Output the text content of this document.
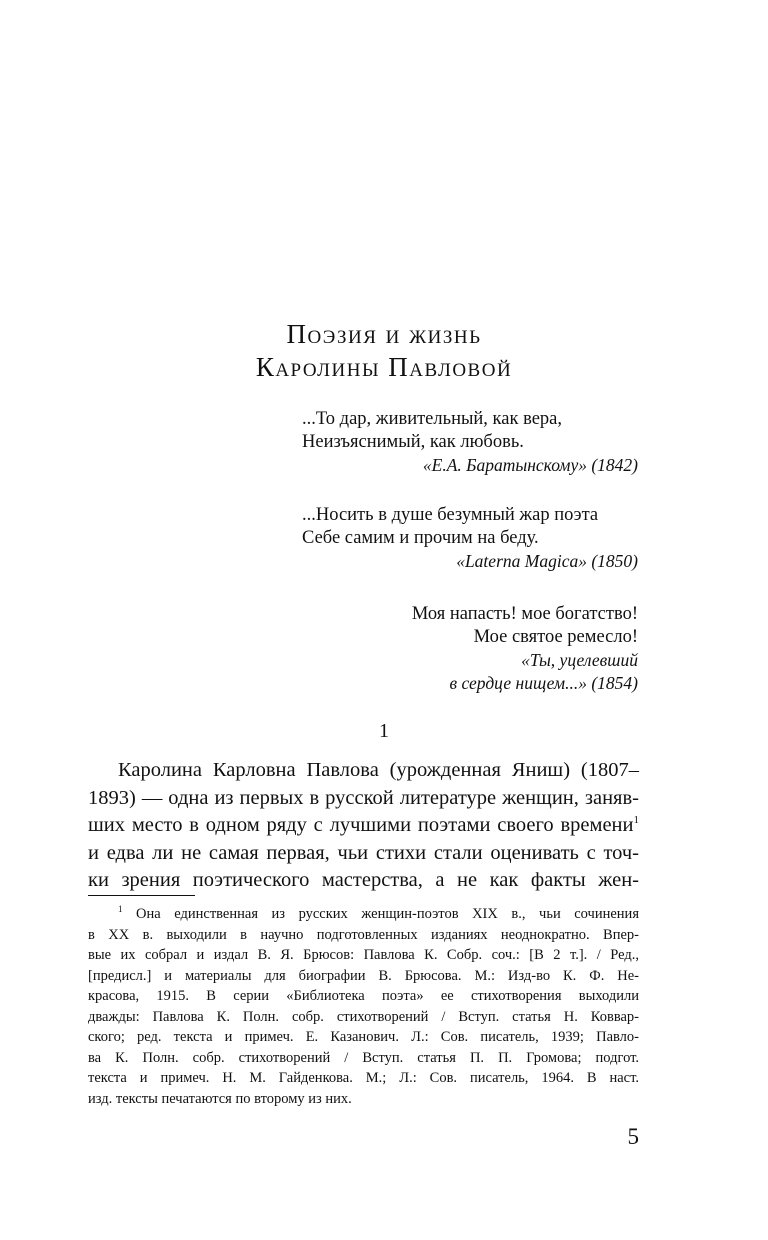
Поэзия и жизнь
Каролины Павловой
...То дар, живительный, как вера,
Неизъяснимый, как любовь.
«Е.А. Баратынскому» (1842)
...Носить в душе безумный жар поэта
Себе самим и прочим на беду.
«Laterna Magica» (1850)
Моя напасть! мое богатство!
Мое святое ремесло!
«Ты, уцелевший
в сердце нищем...» (1854)
1
Каролина Карловна Павлова (урожденная Яниш) (1807–
1893) — одна из первых в русской литературе женщин, заняв-
ших место в одном ряду с лучшими поэтами своего времени$^1$
и едва ли не самая первая, чьи стихи стали оценивать с точ-
ки зрения поэтического мастерства, а не как факты жен-
$^1$ Она единственная из русских женщин-поэтов XIX в., чьи сочинения
в XX в. выходили в научно подготовленных изданиях неоднократно. Впер-
вые их собрал и издал В. Я. Брюсов: Павлова К. Собр. соч.: [В 2 т.]. / Ред.,
[предисл.] и материалы для биографии В. Брюсова. М.: Изд-во К. Ф. Не-
красова, 1915. В серии «Библиотека поэта» ее стихотворения выходили
дважды: Павлова К. Полн. собр. стихотворений / Вступ. статья Н. Коввар-
ского; ред. текста и примеч. Е. Казанович. Л.: Сов. писатель, 1939; Павло-
ва К. Полн. собр. стихотворений / Вступ. статья П. П. Громова; подгот.
текста и примеч. Н. М. Гайденкова. М.; Л.: Сов. писатель, 1964. В наст.
изд. тексты печатаются по второму из них.
5
